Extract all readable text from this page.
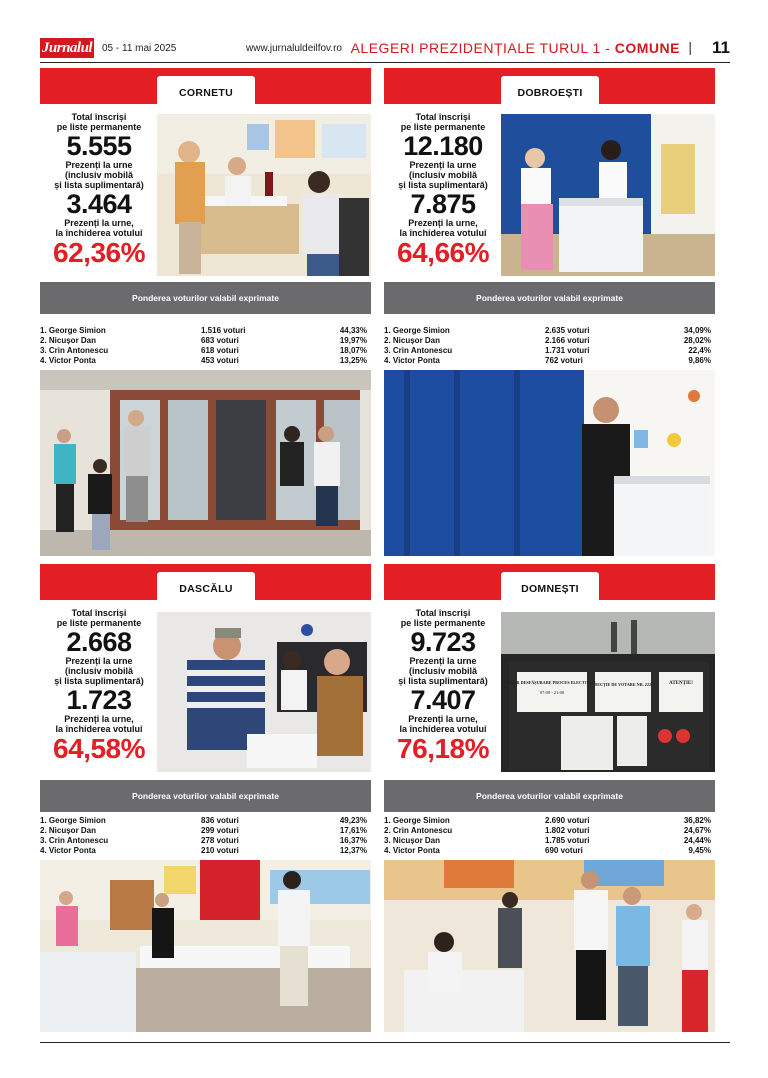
Jurnalul 05 - 11 mai 2025	www.jurnaluldeilfov.ro ALEGERI PREZIDENȚIALE TURUL 1 - COMUNE | 11
CORNETU
Total înscriși
pe liste permanente
5.555
Prezenți la urne
(inclusiv mobilă
și lista suplimentară)
3.464
Prezenți la urne,
la închiderea votului
62,36%
Ponderea voturilor valabil exprimate
1. George Simion	1.516 voturi	44,33%
2. Nicușor Dan	683 voturi	19,97%
3. Crin Antonescu	618 voturi	18,07%
4. Victor Ponta	453 voturi	13,25%
DOBROEȘTI
Total înscriși
pe liste permanente
12.180
Prezenți la urne
(inclusiv mobilă
și lista suplimentară)
7.875
Prezenți la urne,
la închiderea votului
64,66%
Ponderea voturilor valabil exprimate
1. George Simion	2.635 voturi	34,09%
2. Nicușor Dan	2.166 voturi	28,02%
3. Crin Antonescu	1.731 voturi	22,4%
4. Victor Ponta	762 voturi	9,86%
DASCĂLU
Total înscriși
pe liste permanente
2.668
Prezenți la urne
(inclusiv mobilă
și lista suplimentară)
1.723
Prezenți la urne,
la închiderea votului
64,58%
Ponderea voturilor valabil exprimate
1. George Simion	836 voturi	49,23%
2. Nicușor Dan	299 voturi	17,61%
3. Crin Antonescu	278 voturi	16,37%
4. Victor Ponta	210 voturi	12,37%
DOMNEȘTI
Total înscriși
pe liste permanente
9.723
Prezenți la urne
(inclusiv mobilă
și lista suplimentară)
7.407
Prezenți la urne,
la închiderea votului
76,18%
ORAR DESFĂȘURARE PROCES ELECTORAL
07:00 - 21:00
SECȚIE DE VOTARE NR. 222	ATENȚIE!
Ponderea voturilor valabil exprimate
1. George Simion	2.690 voturi	36,82%
2. Crin Antonescu	1.802 voturi	24,67%
3. Nicușor Dan	1.785 voturi	24,44%
4. Victor Ponta	690 voturi	9,45%
